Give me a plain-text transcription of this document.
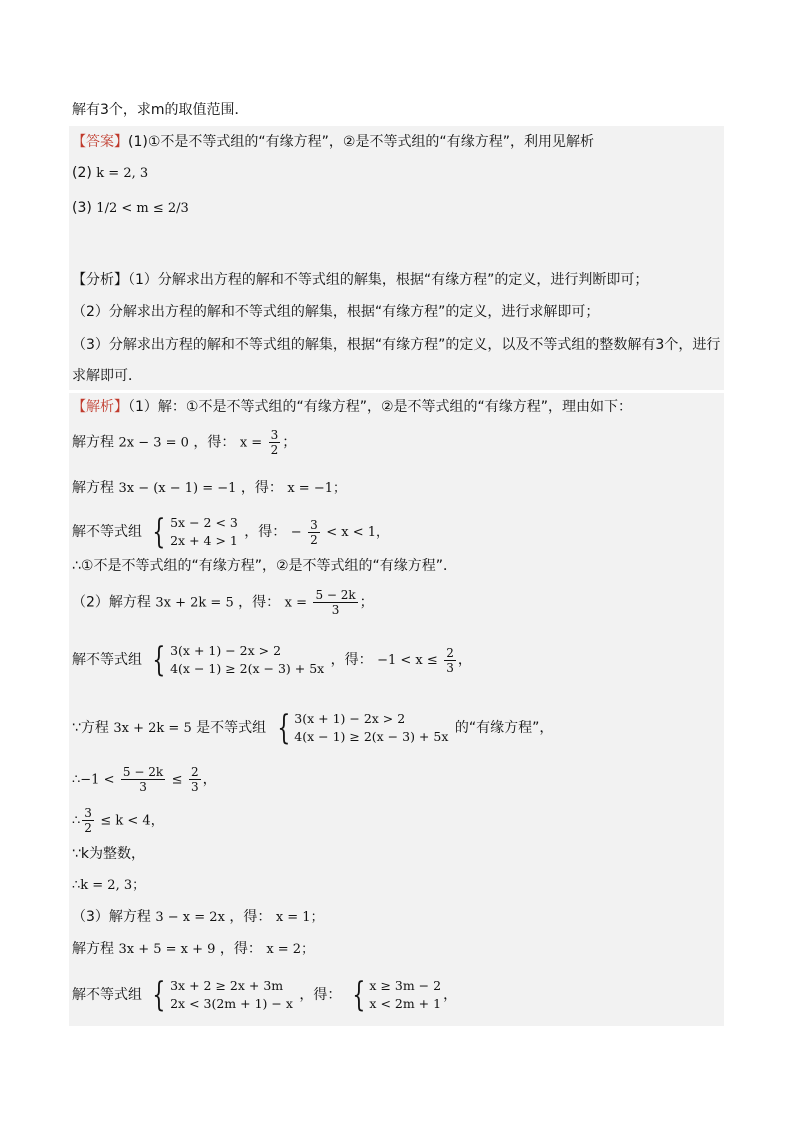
解有3个，求m的取值范围．
【答案】(1)①不是不等式组的“有缘方程”，②是不等式组的“有缘方程”，利用见解析
(2) k = 2, 3
(3) 1/2 < m ≤ 2/3
【分析】（1）分解求出方程的解和不等式组的解集，根据“有缘方程”的定义，进行判断即可；
（2）分解求出方程的解和不等式组的解集，根据“有缘方程”的定义，进行求解即可；
（3）分解求出方程的解和不等式组的解集，根据“有缘方程”的定义，以及不等式组的整数解有3个，进行
求解即可．
【解析】（1）解：①不是不等式组的“有缘方程”，②是不等式组的“有缘方程”，理由如下：
解方程 2x − 3 = 0 ，得： $x = \frac{3}{2}$ ；
解方程 3x − (x − 1) = −1 ，得： x = −1；
解不等式组 { 5x − 2 < 3
2x + 4 > 1
，得： − $\frac{3}{2} < x < 1$，
∴①不是不等式组的“有缘方程”，②是不等式组的“有缘方程”．
（2）解方程 3x + 2k = 5 ，得： $x = \frac{5 - 2k}{3}$ ；
解不等式组 { 3(x + 1) − 2x > 2
4(x − 1) ≥ 2(x − 3) + 5x
，得： $-1 < x \le \frac{2}{3}$ ，
∵方程 3x + 2k = 5 是不等式组 { 3(x + 1) − 2x > 2
4(x − 1) ≥ 2(x − 3) + 5x
的“有缘方程”，
∴−1 < $\frac{5 - 2k}{3} \le \frac{2}{3}$ ，
∴ $\frac{3}{2} \le k < 4$，
∵k为整数，
∴k = 2, 3；
（3）解方程 3 − x = 2x ，得： x = 1；
解方程 3x + 5 = x + 9 ，得： x = 2；
解不等式组 { 3x + 2 ≥ 2x + 3m
2x < 3(2m + 1) − x
，得： { x ≥ 3m − 2
x < 2m + 1
，
